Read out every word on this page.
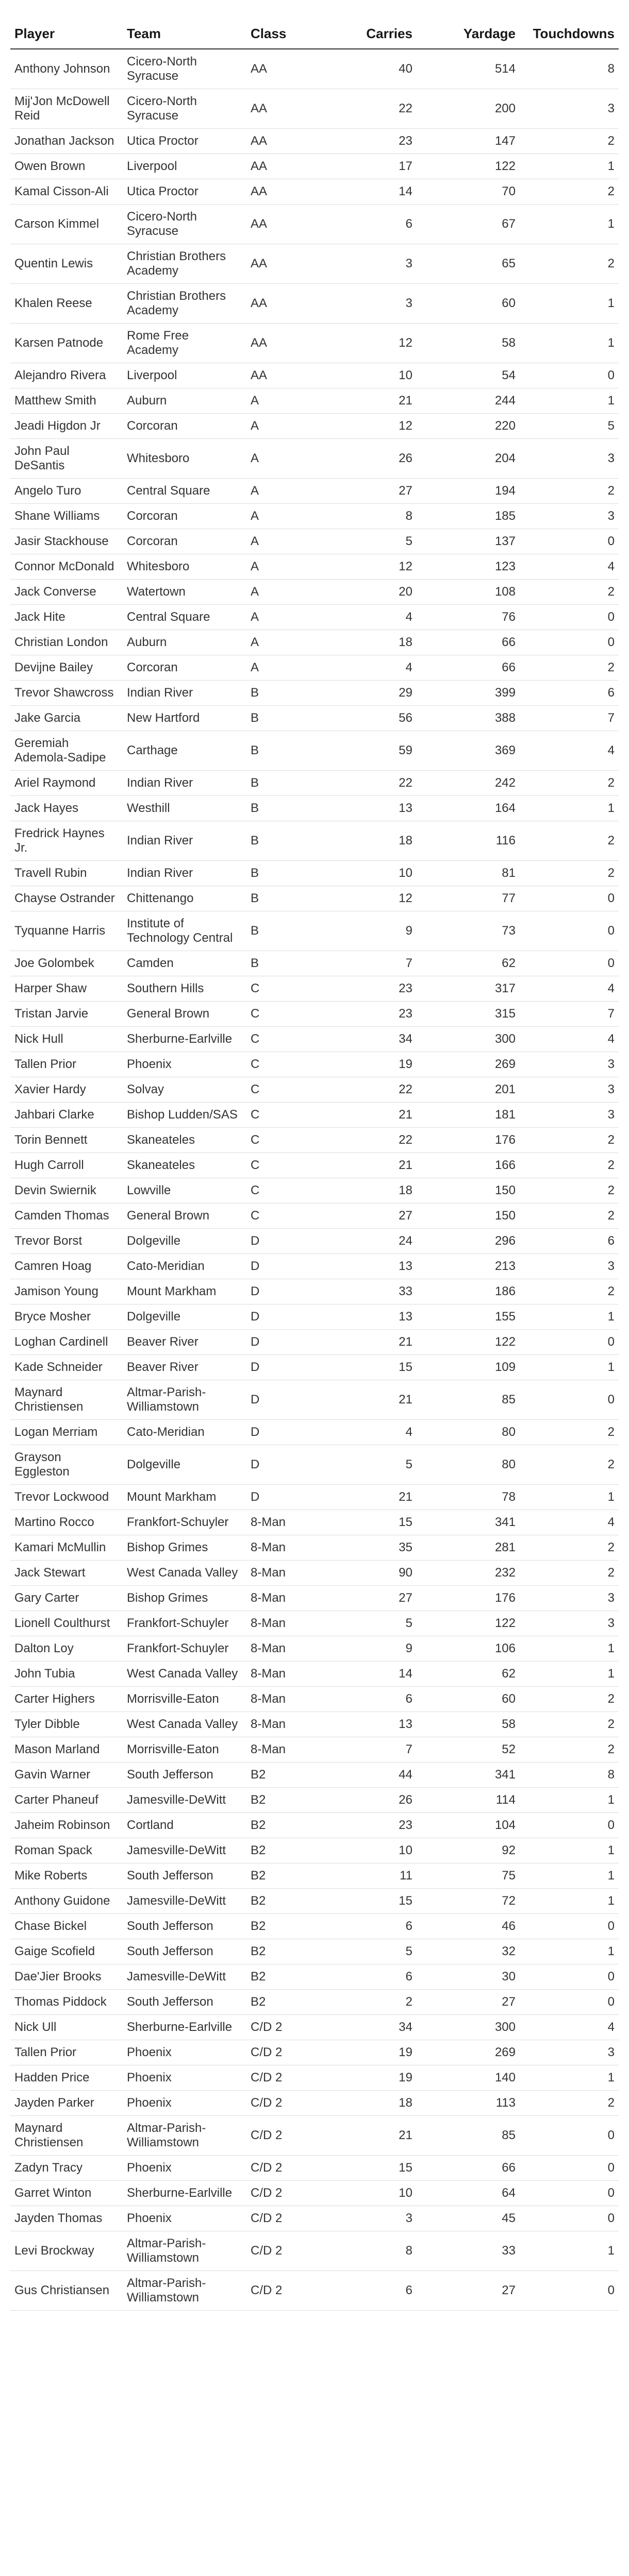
Player	Team	Class	Carries	Yardage	Touchdowns
Anthony Johnson	Cicero-North Syracuse	AA	40	514	8
Mij'Jon McDowell Reid	Cicero-North Syracuse	AA	22	200	3
Jonathan Jackson	Utica Proctor	AA	23	147	2
Owen Brown	Liverpool	AA	17	122	1
Kamal Cisson-Ali	Utica Proctor	AA	14	70	2
Carson Kimmel	Cicero-North Syracuse	AA	6	67	1
Quentin Lewis	Christian Brothers Academy	AA	3	65	2
Khalen Reese	Christian Brothers Academy	AA	3	60	1
Karsen Patnode	Rome Free Academy	AA	12	58	1
Alejandro Rivera	Liverpool	AA	10	54	0
Matthew Smith	Auburn	A	21	244	1
Jeadi Higdon Jr	Corcoran	A	12	220	5
John Paul DeSantis	Whitesboro	A	26	204	3
Angelo Turo	Central Square	A	27	194	2
Shane Williams	Corcoran	A	8	185	3
Jasir Stackhouse	Corcoran	A	5	137	0
Connor McDonald	Whitesboro	A	12	123	4
Jack Converse	Watertown	A	20	108	2
Jack Hite	Central Square	A	4	76	0
Christian London	Auburn	A	18	66	0
Devijne Bailey	Corcoran	A	4	66	2
Trevor Shawcross	Indian River	B	29	399	6
Jake Garcia	New Hartford	B	56	388	7
Geremiah Ademola-Sadipe	Carthage	B	59	369	4
Ariel Raymond	Indian River	B	22	242	2
Jack Hayes	Westhill	B	13	164	1
Fredrick Haynes Jr.	Indian River	B	18	116	2
Travell Rubin	Indian River	B	10	81	2
Chayse Ostrander	Chittenango	B	12	77	0
Tyquanne Harris	Institute of Technology Central	B	9	73	0
Joe Golombek	Camden	B	7	62	0
Harper Shaw	Southern Hills	C	23	317	4
Tristan Jarvie	General Brown	C	23	315	7
Nick Hull	Sherburne-Earlville	C	34	300	4
Tallen Prior	Phoenix	C	19	269	3
Xavier Hardy	Solvay	C	22	201	3
Jahbari Clarke	Bishop Ludden/SAS	C	21	181	3
Torin Bennett	Skaneateles	C	22	176	2
Hugh Carroll	Skaneateles	C	21	166	2
Devin Swiernik	Lowville	C	18	150	2
Camden Thomas	General Brown	C	27	150	2
Trevor Borst	Dolgeville	D	24	296	6
Camren Hoag	Cato-Meridian	D	13	213	3
Jamison Young	Mount Markham	D	33	186	2
Bryce Mosher	Dolgeville	D	13	155	1
Loghan Cardinell	Beaver River	D	21	122	0
Kade Schneider	Beaver River	D	15	109	1
Maynard Christiensen	Altmar-Parish-Williamstown	D	21	85	0
Logan Merriam	Cato-Meridian	D	4	80	2
Grayson Eggleston	Dolgeville	D	5	80	2
Trevor Lockwood	Mount Markham	D	21	78	1
Martino Rocco	Frankfort-Schuyler	8-Man	15	341	4
Kamari McMullin	Bishop Grimes	8-Man	35	281	2
Jack Stewart	West Canada Valley	8-Man	90	232	2
Gary Carter	Bishop Grimes	8-Man	27	176	3
Lionell Coulthurst	Frankfort-Schuyler	8-Man	5	122	3
Dalton Loy	Frankfort-Schuyler	8-Man	9	106	1
John Tubia	West Canada Valley	8-Man	14	62	1
Carter Highers	Morrisville-Eaton	8-Man	6	60	2
Tyler Dibble	West Canada Valley	8-Man	13	58	2
Mason Marland	Morrisville-Eaton	8-Man	7	52	2
Gavin Warner	South Jefferson	B2	44	341	8
Carter Phaneuf	Jamesville-DeWitt	B2	26	114	1
Jaheim Robinson	Cortland	B2	23	104	0
Roman Spack	Jamesville-DeWitt	B2	10	92	1
Mike Roberts	South Jefferson	B2	11	75	1
Anthony Guidone	Jamesville-DeWitt	B2	15	72	1
Chase Bickel	South Jefferson	B2	6	46	0
Gaige Scofield	South Jefferson	B2	5	32	1
Dae'Jier Brooks	Jamesville-DeWitt	B2	6	30	0
Thomas Piddock	South Jefferson	B2	2	27	0
Nick Ull	Sherburne-Earlville	C/D 2	34	300	4
Tallen Prior	Phoenix	C/D 2	19	269	3
Hadden Price	Phoenix	C/D 2	19	140	1
Jayden Parker	Phoenix	C/D 2	18	113	2
Maynard Christiensen	Altmar-Parish-Williamstown	C/D 2	21	85	0
Zadyn Tracy	Phoenix	C/D 2	15	66	0
Garret Winton	Sherburne-Earlville	C/D 2	10	64	0
Jayden Thomas	Phoenix	C/D 2	3	45	0
Levi Brockway	Altmar-Parish-Williamstown	C/D 2	8	33	1
Gus Christiansen	Altmar-Parish-Williamstown	C/D 2	6	27	0
